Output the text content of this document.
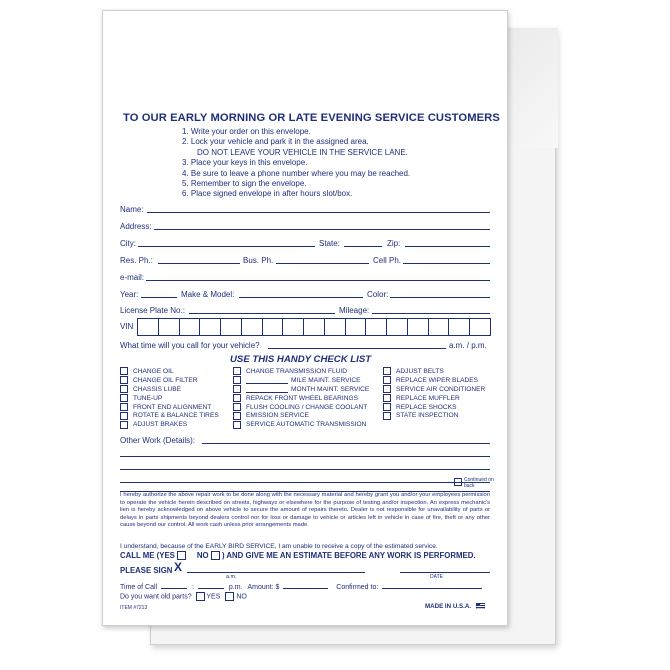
TO OUR EARLY MORNING OR LATE EVENING SERVICE CUSTOMERS
1. Write your order on this envelope.
2. Lock your vehicle and park it in the assigned area.
DO NOT LEAVE YOUR VEHICLE IN THE SERVICE LANE.
3. Place your keys in this envelope.
4. Be sure to leave a phone number where you may be reached.
5. Remember to sign the envelope.
6. Place signed envelope in after hours slot/box.
Name:
Address:
City:	State:	Zip:
Res. Ph.:	Bus. Ph.	Cell Ph.
e-mail:
Year:	Make & Model:	Color:
License Plate No.:	Mileage:
VIN
What time will you call for your vehicle?	a.m. / p.m.
USE THIS HANDY CHECK LIST
CHANGE OIL
CHANGE OIL FILTER
CHASSIS LUBE
TUNE-UP
FRONT END ALIGNMENT
ROTATE & BALANCE TIRES
ADJUST BRAKES
CHANGE TRANSMISSION FLUID
MILE MAINT. SERVICE
MONTH MAINT. SERVICE
REPACK FRONT WHEEL BEARINGS
FLUSH COOLING / CHANGE COOLANT
EMISSION SERVICE
SERVICE AUTOMATIC TRANSMISSION
ADJUST BELTS
REPLACE WIPER BLADES
SERVICE AIR CONDITIONER
REPLACE MUFFLER
REPLACE SHOCKS
STATE INSPECTION
Other Work (Details):
Continued on back
I hereby authorize the above repair work to be done along with the necessary material and hereby grant you and/or your employees permission to operate the vehicle herein described on streets, highways or elsewhere for the purpose of testing and/or inspection. An express mechanic's lien is hereby acknowledged on above vehicle to secure the amount of repairs thereto. Dealer is not responsible for unavailability of parts or delays in parts shipments beyond dealers control nor for loss or damage to vehicle or articles left in vehicle in case of fire, theft or any other cause beyond our control. All work cash unless prior arrangements made.
I understand, because of the EARLY BIRD SERVICE, I am unable to receive a copy of the estimated service.
CALL ME (YES	NO ) AND GIVE ME AN ESTIMATE BEFORE ANY WORK IS PERFORMED.
PLEASE SIGN X
a.m.	DATE
Time of Call	:	p.m. Amount: $	Confirmed to:
Do you want old parts? YES NO
ITEM #7213	MADE IN U.S.A.
